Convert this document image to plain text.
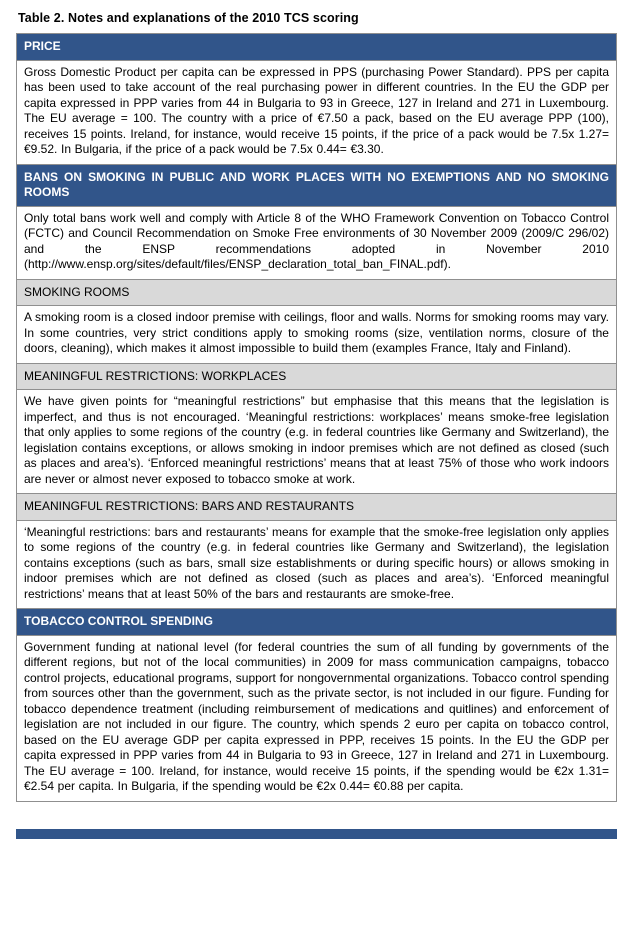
Table 2. Notes and explanations of the 2010 TCS scoring
PRICE
Gross Domestic Product per capita can be expressed in PPS (purchasing Power Standard). PPS per capita has been used to take account of the real purchasing power in different countries. In the EU the GDP per capita expressed in PPP varies from 44 in Bulgaria to 93 in Greece, 127 in Ireland and 271 in Luxembourg. The EU average = 100. The country with a price of €7.50 a pack, based on the EU average PPP (100), receives 15 points. Ireland, for instance, would receive 15 points, if the price of a pack would be 7.5x 1.27= €9.52. In Bulgaria, if the price of a pack would be 7.5x 0.44= €3.30.
BANS ON SMOKING IN PUBLIC AND WORK PLACES WITH NO EXEMPTIONS AND NO SMOKING ROOMS
Only total bans work well and comply with Article 8 of the WHO Framework Convention on Tobacco Control (FCTC) and Council Recommendation on Smoke Free environments of 30 November 2009 (2009/C 296/02) and the ENSP recommendations adopted in November 2010 (http://www.ensp.org/sites/default/files/ENSP_declaration_total_ban_FINAL.pdf).
SMOKING ROOMS
A smoking room is a closed indoor premise with ceilings, floor and walls. Norms for smoking rooms may vary. In some countries, very strict conditions apply to smoking rooms (size, ventilation norms, closure of the doors, cleaning), which makes it almost impossible to build them (examples France, Italy and Finland).
MEANINGFUL RESTRICTIONS: WORKPLACES
We have given points for “meaningful restrictions” but emphasise that this means that the legislation is imperfect, and thus is not encouraged. ‘Meaningful restrictions: workplaces’ means smoke-free legislation that only applies to some regions of the country (e.g. in federal countries like Germany and Switzerland), the legislation contains exceptions, or allows smoking in indoor premises which are not defined as closed (such as places and area’s). ‘Enforced meaningful restrictions’ means that at least 75% of those who work indoors are never or almost never exposed to tobacco smoke at work.
MEANINGFUL RESTRICTIONS: BARS AND RESTAURANTS
‘Meaningful restrictions: bars and restaurants’ means for example that the smoke-free legislation only applies to some regions of the country (e.g. in federal countries like Germany and Switzerland), the legislation contains exceptions (such as bars, small size establishments or during specific hours) or allows smoking in indoor premises which are not defined as closed (such as places and area’s). ‘Enforced meaningful restrictions’ means that at least 50% of the bars and restaurants are smoke-free.
TOBACCO CONTROL SPENDING
Government funding at national level (for federal countries the sum of all funding by governments of the different regions, but not of the local communities) in 2009 for mass communication campaigns, tobacco control projects, educational programs, support for nongovernmental organizations. Tobacco control spending from sources other than the government, such as the private sector, is not included in our figure. Funding for tobacco dependence treatment (including reimbursement of medications and quitlines) and enforcement of legislation are not included in our figure. The country, which spends 2 euro per capita on tobacco control, based on the EU average GDP per capita expressed in PPP, receives 15 points. In the EU the GDP per capita expressed in PPP varies from 44 in Bulgaria to 93 in Greece, 127 in Ireland and 271 in Luxembourg. The EU average = 100. Ireland, for instance, would receive 15 points, if the spending would be €2x 1.31= €2.54 per capita. In Bulgaria, if the spending would be €2x 0.44= €0.88 per capita.
